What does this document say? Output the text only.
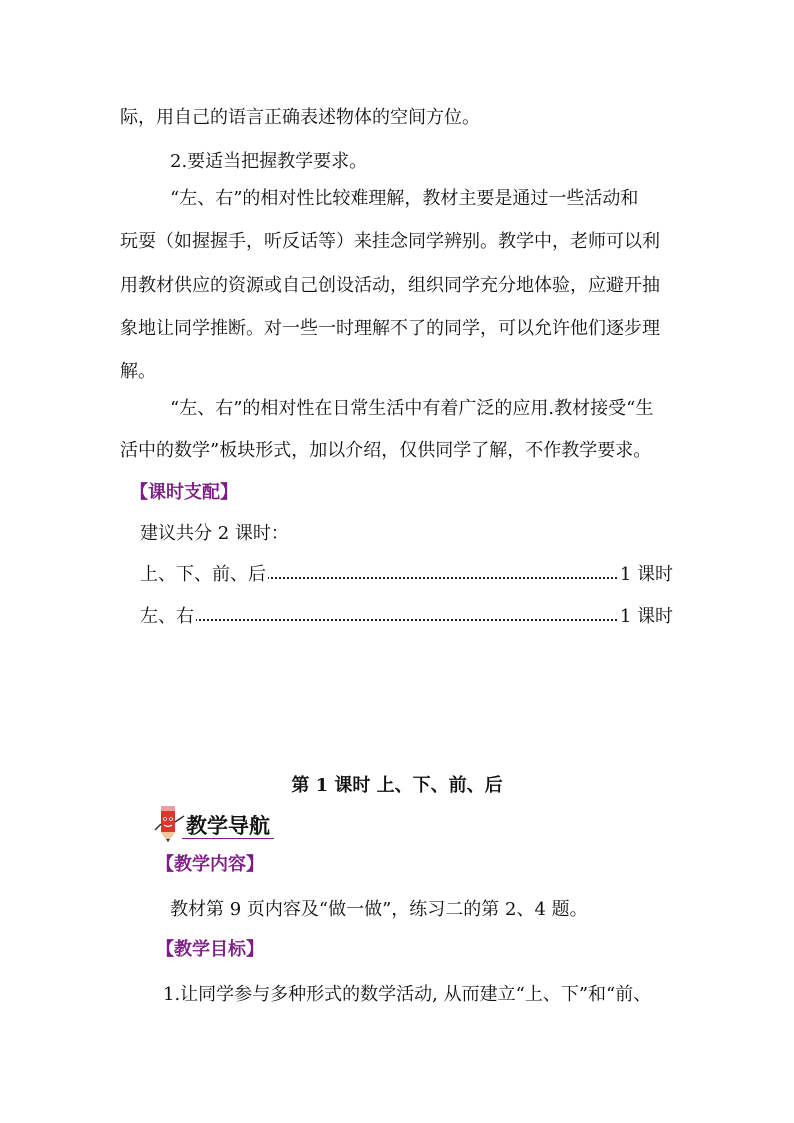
际，用自己的语言正确表述物体的空间方位。
2.要适当把握教学要求。
“左、右”的相对性比较难理解，教材主要是通过一些活动和
玩耍（如握握手，听反话等）来挂念同学辨别。教学中，老师可以利
用教材供应的资源或自己创设活动，组织同学充分地体验，应避开抽
象地让同学推断。对一些一时理解不了的同学，可以允许他们逐步理
解。
“左、右”的相对性在日常生活中有着广泛的应用.教材接受“生
活中的数学”板块形式，加以介绍，仅供同学了解，不作教学要求。
【课时支配】
建议共分 2 课时：
上、下、前、后	1 课时
左、右	1 课时
第 1 课时 上、下、前、后
教学导航
【教学内容】
教材第 9 页内容及“做一做”，练习二的第 2、4 题。
【教学目标】
1.让同学参与多种形式的数学活动, 从而建立“上、下”和“前、
